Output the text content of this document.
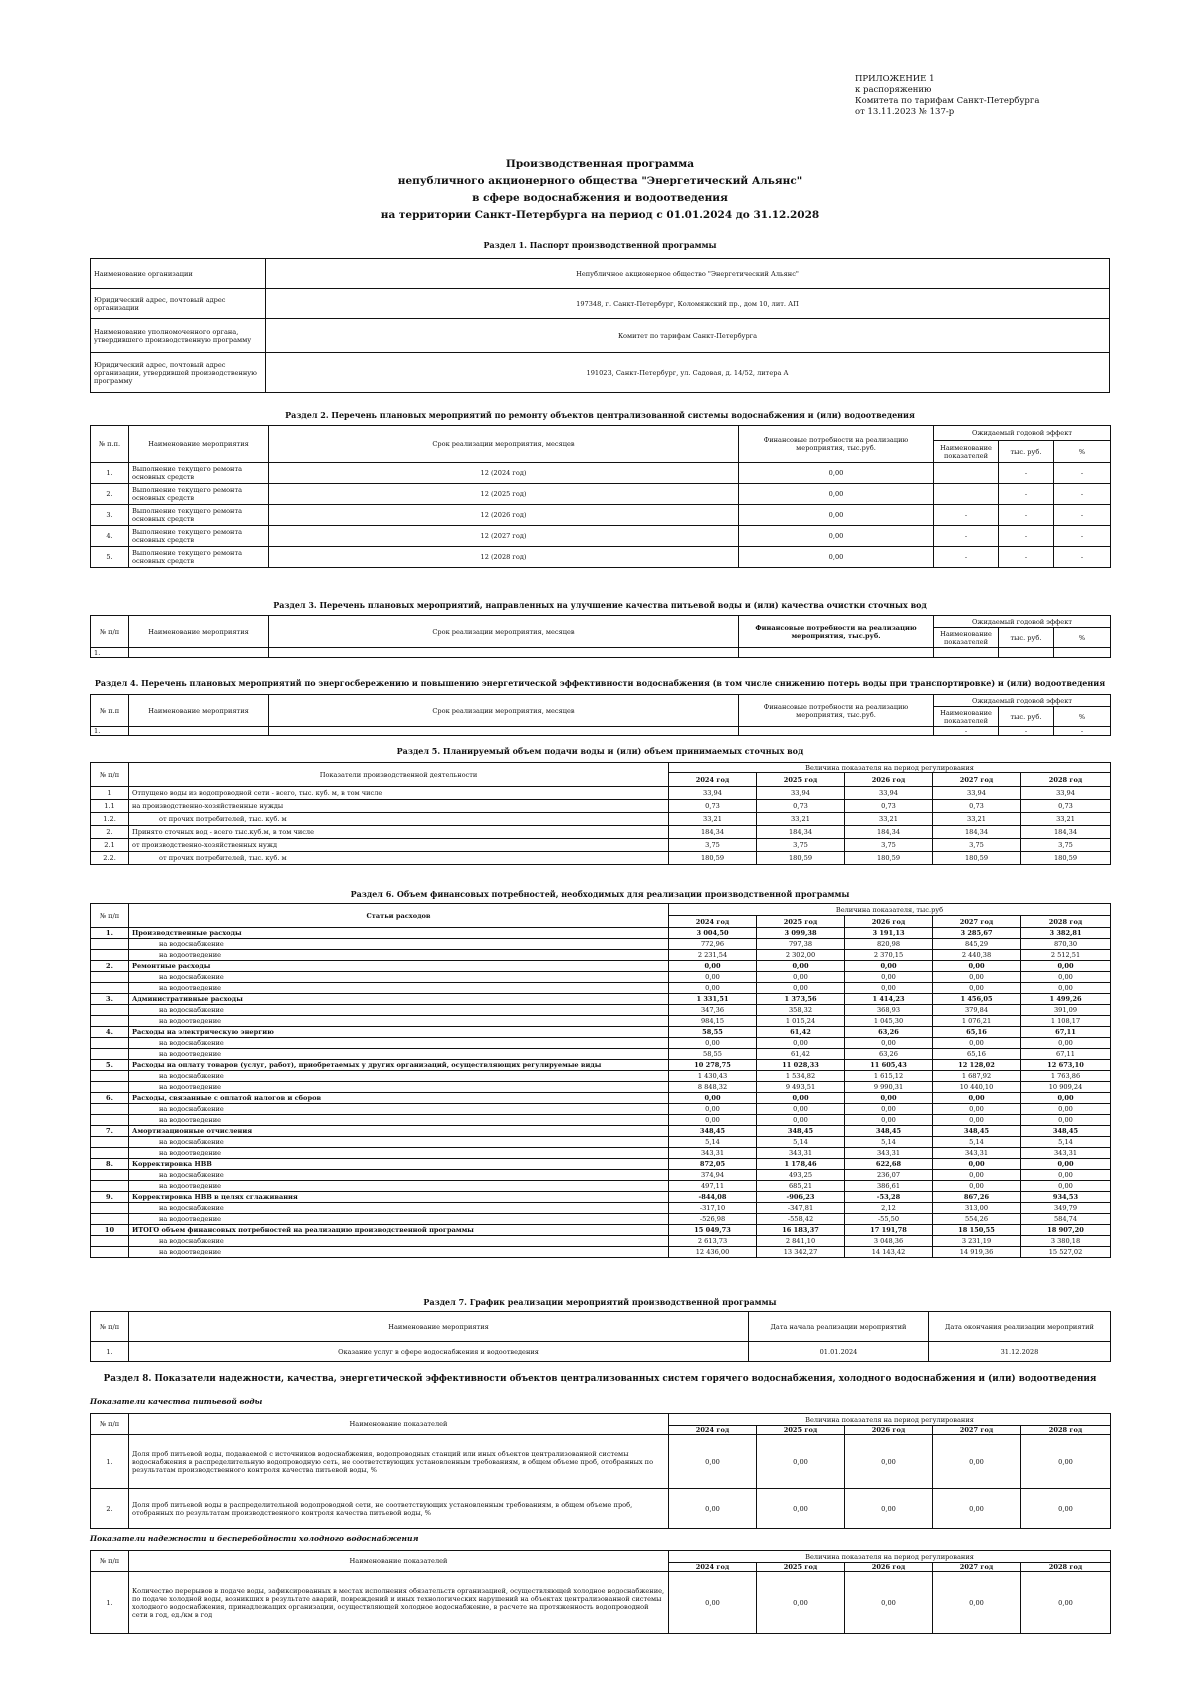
ПРИЛОЖЕНИЕ 1
к распоряжению
Комитета по тарифам Санкт-Петербурга
от 13.11.2023 № 137-р
Производственная программа
непубличного акционерного общества "Энергетический Альянс"
в сфере водоснабжения и водоотведения
на территории Санкт-Петербурга на период с 01.01.2024 до 31.12.2028
Раздел 1. Паспорт производственной программы
Наименование организации	Непубличное акционерное общество "Энергетический Альянс"
Юридический адрес, почтовый адрес организации	197348, г. Санкт-Петербург, Коломяжский пр., дом 10, лит. АП
Наименование уполномоченного органа, утвердившего производственную программу	Комитет по тарифам Санкт-Петербурга
Юридический адрес, почтовый адрес организации, утвердившей производственную программу	191023, Санкт-Петербург, ул. Садовая, д. 14/52, литера А
Раздел 2. Перечень плановых мероприятий по ремонту объектов централизованной системы водоснабжения и (или) водоотведения
№ п.п.	Наименование мероприятия	Срок реализации мероприятия, месяцев	Финансовые потребности на реализацию мероприятия, тыс.руб.	Ожидаемый годовой эффект		
				Наименование показателей	тыс. руб.	%
1.	Выполнение текущего ремонта основных средств	12 (2024 год)	0,00		-	-
2.	Выполнение текущего ремонта основных средств	12 (2025 год)	0,00		-	-
3.	Выполнение текущего ремонта основных средств	12 (2026 год)	0,00	-	-	-
4.	Выполнение текущего ремонта основных средств	12 (2027 год)	0,00	-	-	-
5.	Выполнение текущего ремонта основных средств	12 (2028 год)	0,00	-	-	-
Раздел 3. Перечень плановых мероприятий, направленных на улучшение качества питьевой воды и (или) качества очистки сточных вод
№ п/п	Наименование мероприятия	Срок реализации мероприятия, месяцев	Финансовые потребности на реализацию мероприятия, тыс.руб.	Ожидаемый годовой эффект		
				Наименование показателей	тыс. руб.	%
1.						
Раздел 4. Перечень плановых мероприятий по энергосбережению и повышению энергетической эффективности водоснабжения (в том числе снижению потерь воды при транспортировке) и (или) водоотведения
№ п.п	Наименование мероприятия	Срок реализации мероприятия, месяцев	Финансовые потребности на реализацию мероприятия, тыс.руб.	Ожидаемый годовой эффект		
				Наименование показателей	тыс. руб.	%
1.				-	-	-
Раздел 5. Планируемый объем подачи воды и (или) объем принимаемых сточных вод
№ п/п	Показатели производственной деятельности	Величина показателя на период регулирования				
		2024 год	2025 год	2026 год	2027 год	2028 год
1	Отпущено воды из водопроводной сети - всего, тыс. куб. м, в том числе	33,94	33,94	33,94	33,94	33,94
1.1	на производственно-хозяйственные нужды	0,73	0,73	0,73	0,73	0,73
1.2.	от прочих потребителей, тыс. куб. м	33,21	33,21	33,21	33,21	33,21
2.	Принято сточных вод - всего тыс.куб.м, в том числе	184,34	184,34	184,34	184,34	184,34
2.1	от производственно-хозяйственных нужд	3,75	3,75	3,75	3,75	3,75
2.2.	от прочих потребителей, тыс. куб. м	180,59	180,59	180,59	180,59	180,59
Раздел 6. Объем финансовых потребностей, необходимых для реализации производственной программы
№ п/п	Статьи расходов	Величина показателя, тыс.руб				
		2024 год	2025 год	2026 год	2027 год	2028 год
1.	Производственные расходы	3 004,50	3 099,38	3 191,13	3 285,67	3 382,81
	на водоснабжение	772,96	797,38	820,98	845,29	870,30
	на водоотведение	2 231,54	2 302,00	2 370,15	2 440,38	2 512,51
2.	Ремонтные расходы	0,00	0,00	0,00	0,00	0,00
	на водоснабжение	0,00	0,00	0,00	0,00	0,00
	на водоотведение	0,00	0,00	0,00	0,00	0,00
3.	Административные расходы	1 331,51	1 373,56	1 414,23	1 456,05	1 499,26
	на водоснабжение	347,36	358,32	368,93	379,84	391,09
	на водоотведение	984,15	1 015,24	1 045,30	1 076,21	1 108,17
4.	Расходы на электрическую энергию	58,55	61,42	63,26	65,16	67,11
	на водоснабжение	0,00	0,00	0,00	0,00	0,00
	на водоотведение	58,55	61,42	63,26	65,16	67,11
5.	Расходы на оплату товаров (услуг, работ), приобретаемых у других организаций, осуществляющих регулируемые виды	10 278,75	11 028,33	11 605,43	12 128,02	12 673,10
	на водоснабжение	1 430,43	1 534,82	1 615,12	1 687,92	1 763,86
	на водоотведение	8 848,32	9 493,51	9 990,31	10 440,10	10 909,24
6.	Расходы, связанные с оплатой налогов и сборов	0,00	0,00	0,00	0,00	0,00
	на водоснабжение	0,00	0,00	0,00	0,00	0,00
	на водоотведение	0,00	0,00	0,00	0,00	0,00
7.	Амортизационные отчисления	348,45	348,45	348,45	348,45	348,45
	на водоснабжение	5,14	5,14	5,14	5,14	5,14
	на водоотведение	343,31	343,31	343,31	343,31	343,31
8.	Корректировка НВВ	872,05	1 178,46	622,68	0,00	0,00
	на водоснабжение	374,94	493,25	236,07	0,00	0,00
	на водоотведение	497,11	685,21	386,61	0,00	0,00
9.	Корректировка НВВ в целях сглаживания	-844,08	-906,23	-53,28	867,26	934,53
	на водоснабжение	-317,10	-347,81	2,12	313,00	349,79
	на водоотведение	-526,98	-558,42	-55,50	554,26	584,74
10	ИТОГО объем финансовых потребностей на реализацию производственной программы	15 049,73	16 183,37	17 191,78	18 150,55	18 907,20
	на водоснабжение	2 613,73	2 841,10	3 048,36	3 231,19	3 380,18
	на водоотведение	12 436,00	13 342,27	14 143,42	14 919,36	15 527,02
Раздел 7. График реализации мероприятий производственной программы
№ п/п	Наименование мероприятия	Дата начала реализации мероприятий	Дата окончания реализации мероприятий
1.	Оказание услуг в сфере водоснабжения и водоотведения	01.01.2024	31.12.2028
Раздел 8. Показатели надежности, качества, энергетической эффективности объектов централизованных систем горячего водоснабжения, холодного водоснабжения и (или) водоотведения
Показатели качества питьевой воды
№ п/п	Наименование показателей	Величина показателя на период регулирования				
		2024 год	2025 год	2026 год	2027 год	2028 год
1.	Доля проб питьевой воды, подаваемой с источников водоснабжения, водопроводных станций или иных объектов централизованной системы водоснабжения в распределительную водопроводную сеть, не соответствующих установленным требованиям, в общем объеме проб, отобранных по результатам производственного контроля качества питьевой воды, %	0,00	0,00	0,00	0,00	0,00
2.	Доля проб питьевой воды в распределительной водопроводной сети, не соответствующих установленным требованиям, в общем объеме проб, отобранных по результатам производственного контроля качества питьевой воды, %	0,00	0,00	0,00	0,00	0,00
Показатели надежности и бесперебойности холодного водоснабжения
№ п/п	Наименование показателей	Величина показателя на период регулирования				
		2024 год	2025 год	2026 год	2027 год	2028 год
1.	Количество перерывов в подаче воды, зафиксированных в местах исполнения обязательств организацией, осуществляющей холодное водоснабжение, по подаче холодной воды, возникших в результате аварий, повреждений и иных технологических нарушений на объектах централизованной системы холодного водоснабжения, принадлежащих организации, осуществляющей холодное водоснабжение, в расчете на протяженность водопроводной сети в год, ед./км в год	0,00	0,00	0,00	0,00	0,00
